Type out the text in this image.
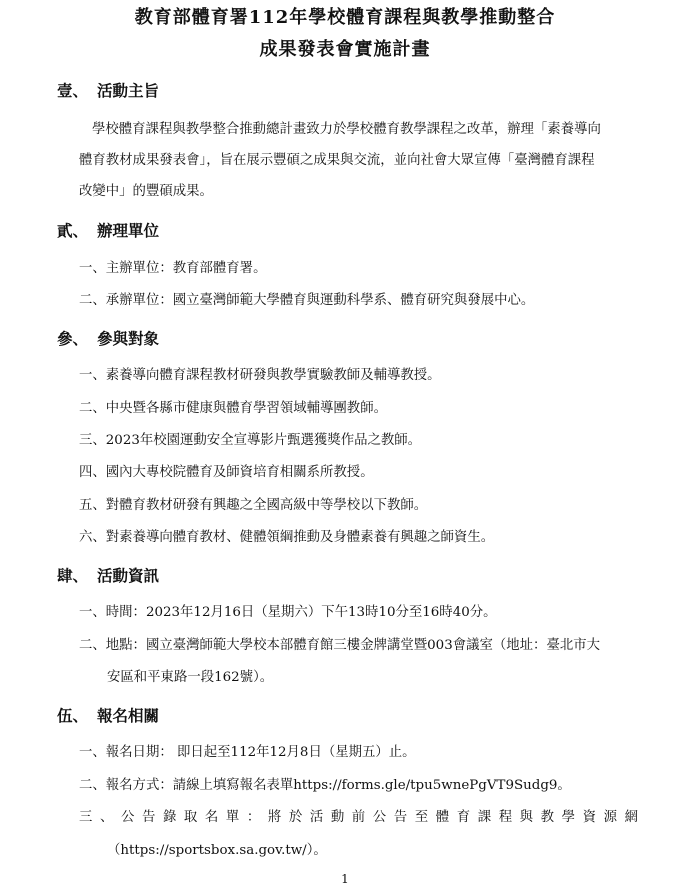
教育部體育署112年學校體育課程與教學推動整合
成果發表會實施計畫
壹、 活動主旨
學校體育課程與教學整合推動總計畫致力於學校體育教學課程之改革，辦理「素養導向
體育教材成果發表會」，旨在展示豐碩之成果與交流，並向社會大眾宣傳「臺灣體育課程
改變中」的豐碩成果。
貳、 辦理單位
一、主辦單位：教育部體育署。
二、承辦單位：國立臺灣師範大學體育與運動科學系、體育研究與發展中心。
參、 參與對象
一、素養導向體育課程教材研發與教學實驗教師及輔導教授。
二、中央暨各縣市健康與體育學習領域輔導團教師。
三、2023年校園運動安全宣導影片甄選獲獎作品之教師。
四、國內大專校院體育及師資培育相關系所教授。
五、對體育教材研發有興趣之全國高級中等學校以下教師。
六、對素養導向體育教材、健體領綱推動及身體素養有興趣之師資生。
肆、 活動資訊
一、時間：2023年12月16日（星期六）下午13時10分至16時40分。
二、地點：國立臺灣師範大學校本部體育館三樓金牌講堂暨003會議室（地址：臺北市大
安區和平東路一段162號）。
伍、 報名相關
一、報名日期： 即日起至112年12月8日（星期五）止。
二、報名方式：請線上填寫報名表單https://forms.gle/tpu5wnePgVT9Sudg9。
三、公告錄取名單：將於活動前公告至體育課程與教學資源網
（https://sportsbox.sa.gov.tw/）。
1
